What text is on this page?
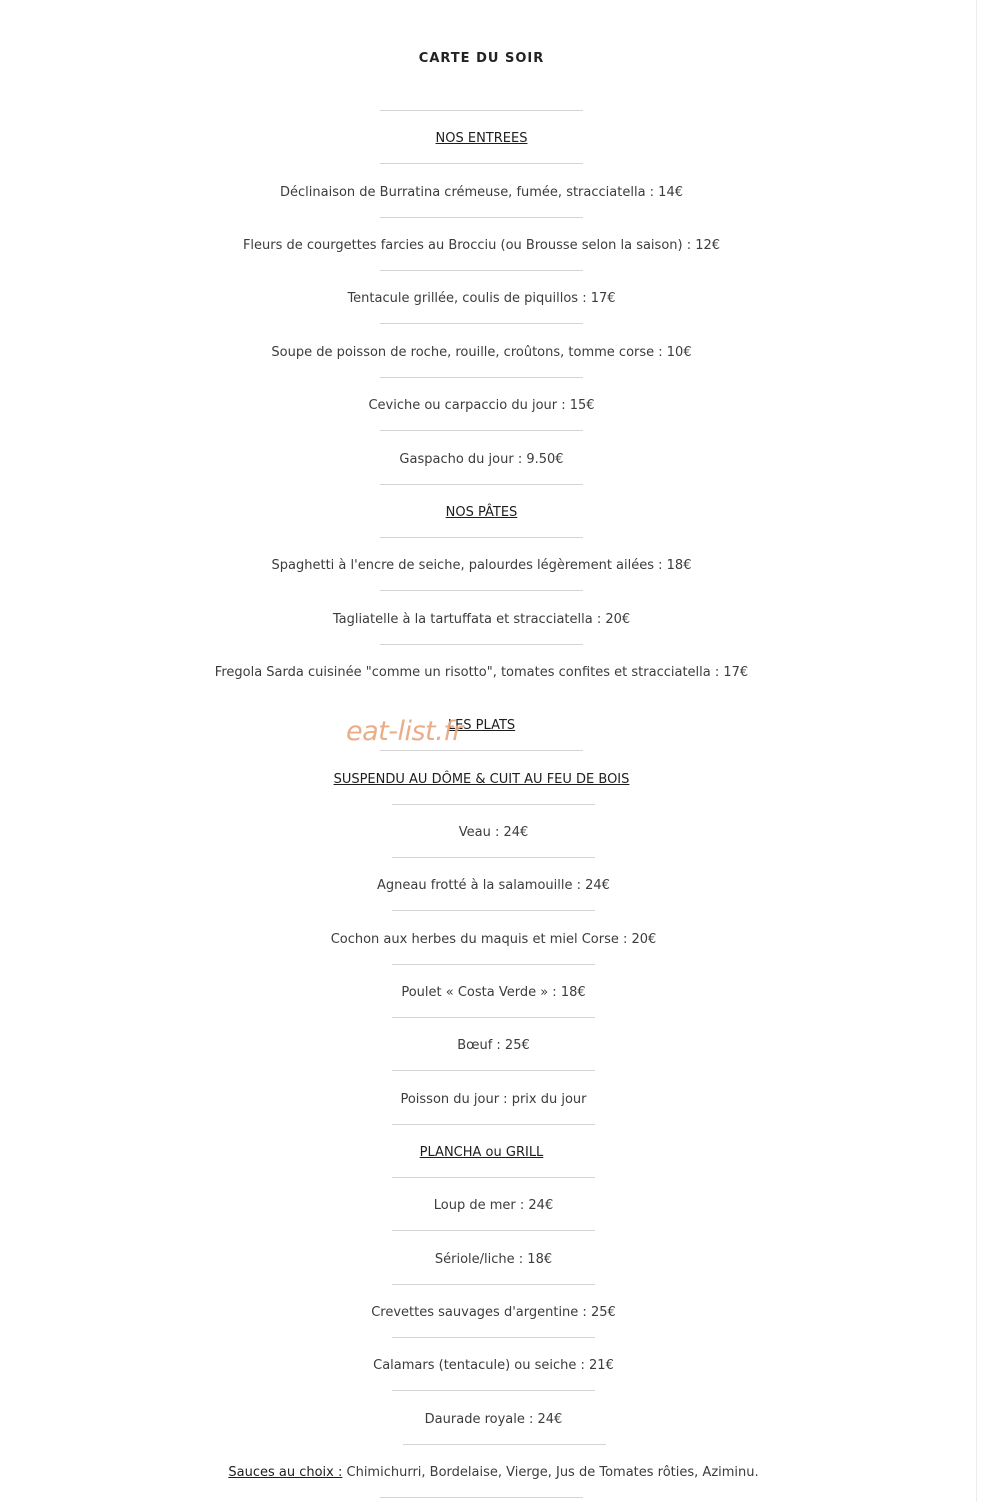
CARTE DU SOIR
NOS ENTREES
Déclinaison de Burratina crémeuse, fumée, stracciatella : 14€
Fleurs de courgettes farcies au Brocciu (ou Brousse selon la saison) : 12€
Tentacule grillée, coulis de piquillos : 17€
Soupe de poisson de roche, rouille, croûtons, tomme corse : 10€
Ceviche ou carpaccio du jour : 15€
Gaspacho du jour : 9.50€
NOS PÂTES
Spaghetti à l'encre de seiche, palourdes légèrement ailées : 18€
Tagliatelle à la tartuffata et stracciatella : 20€
Fregola Sarda cuisinée "comme un risotto", tomates confites et stracciatella : 17€
LES PLATS
eat-list.fr
SUSPENDU AU DÔME & CUIT AU FEU DE BOIS
Veau : 24€
Agneau frotté à la salamouille : 24€
Cochon aux herbes du maquis et miel Corse : 20€
Poulet « Costa Verde » : 18€
Bœuf : 25€
Poisson du jour : prix du jour
PLANCHA ou GRILL
Loup de mer : 24€
Sériole/liche : 18€
Crevettes sauvages d'argentine : 25€
Calamars (tentacule) ou seiche : 21€
Daurade royale : 24€
Sauces au choix : Chimichurri, Bordelaise, Vierge, Jus de Tomates rôties, Aziminu.
